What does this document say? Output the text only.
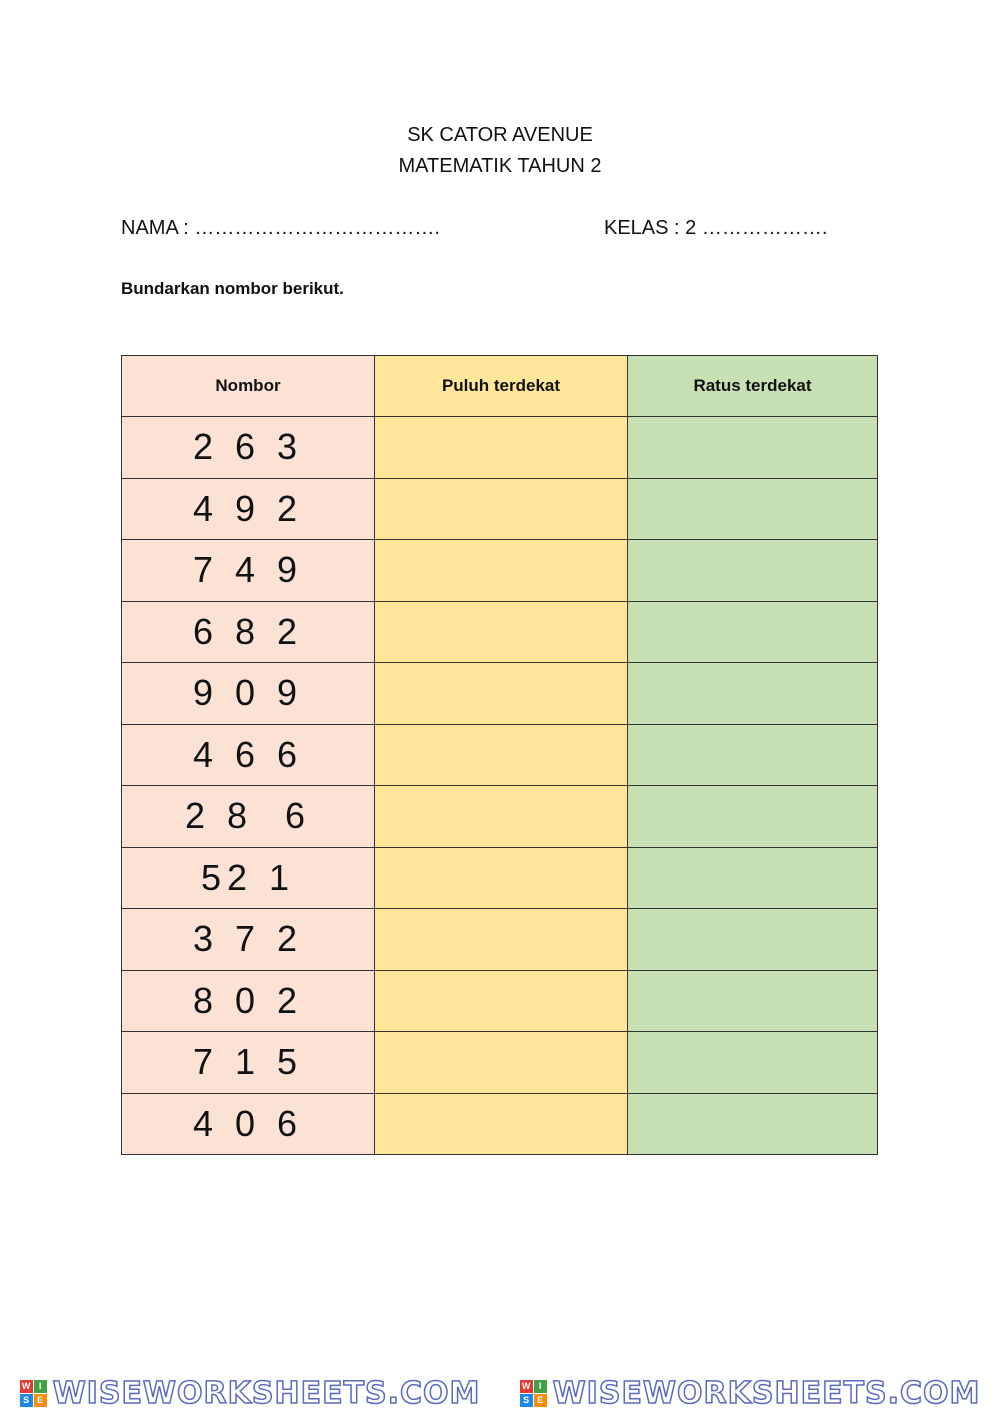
SK CATOR AVENUE
MATEMATIK TAHUN 2
NAMA : ……………………………….	KELAS : 2 ……………….
Bundarkan nombor berikut.
Nombor	Puluh terdekat	Ratus terdekat
2 6 3		
4 9 2		
7 4 9		
6 8 2		
9 0 9		
4 6 6		
2 8  6		
52 1		
3 7 2		
8 0 2		
7 1 5		
4 0 6		
W I
S E WISEWORKSHEETS.COM	W I
S E WISEWORKSHEETS.COM
